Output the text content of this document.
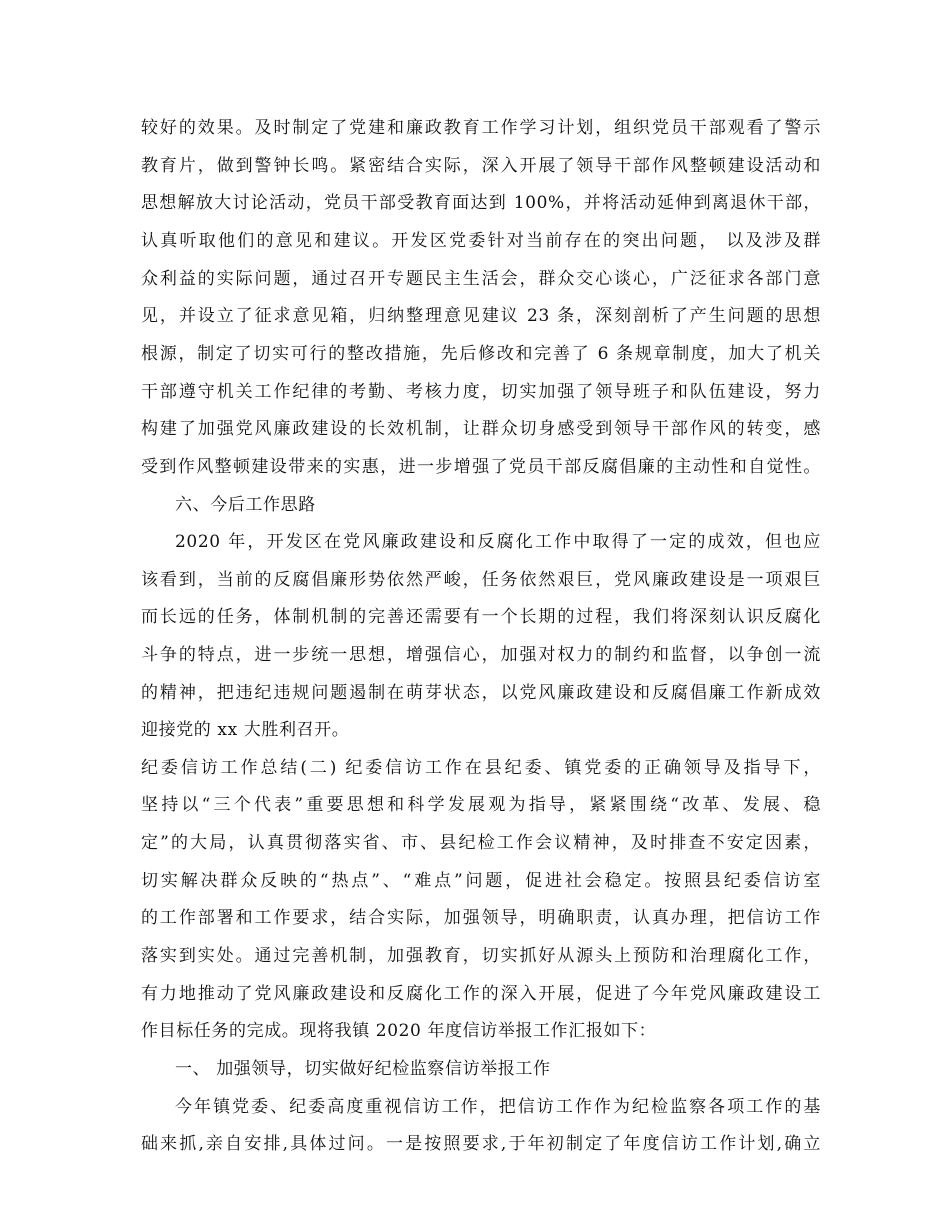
较好的效果。及时制定了党建和廉政教育工作学习计划，组织党员干部观看了警示
教育片，做到警钟长鸣。紧密结合实际，深入开展了领导干部作风整顿建设活动和
思想解放大讨论活动，党员干部受教育面达到 100%，并将活动延伸到离退休干部，
认真听取他们的意见和建议。开发区党委针对当前存在的突出问题， 以及涉及群
众利益的实际问题，通过召开专题民主生活会，群众交心谈心，广泛征求各部门意
见，并设立了征求意见箱，归纳整理意见建议 23 条，深刻剖析了产生问题的思想
根源，制定了切实可行的整改措施，先后修改和完善了 6 条规章制度，加大了机关
干部遵守机关工作纪律的考勤、考核力度，切实加强了领导班子和队伍建设，努力
构建了加强党风廉政建设的长效机制，让群众切身感受到领导干部作风的转变，感
受到作风整顿建设带来的实惠，进一步增强了党员干部反腐倡廉的主动性和自觉性。
六、今后工作思路
2020 年，开发区在党风廉政建设和反腐化工作中取得了一定的成效，但也应
该看到，当前的反腐倡廉形势依然严峻，任务依然艰巨，党风廉政建设是一项艰巨
而长远的任务，体制机制的完善还需要有一个长期的过程，我们将深刻认识反腐化
斗争的特点，进一步统一思想，增强信心，加强对权力的制约和监督，以争创一流
的精神，把违纪违规问题遏制在萌芽状态，以党风廉政建设和反腐倡廉工作新成效
迎接党的 xx 大胜利召开。
纪委信访工作总结(二) 纪委信访工作在县纪委、镇党委的正确领导及指导下，
坚持以“三个代表”重要思想和科学发展观为指导，紧紧围绕“改革、发展、稳
定”的大局，认真贯彻落实省、市、县纪检工作会议精神，及时排查不安定因素，
切实解决群众反映的“热点”、“难点”问题，促进社会稳定。按照县纪委信访室
的工作部署和工作要求，结合实际，加强领导，明确职责，认真办理，把信访工作
落实到实处。通过完善机制，加强教育，切实抓好从源头上预防和治理腐化工作，
有力地推动了党风廉政建设和反腐化工作的深入开展，促进了今年党风廉政建设工
作目标任务的完成。现将我镇 2020 年度信访举报工作汇报如下：
一、 加强领导，切实做好纪检监察信访举报工作
今年镇党委、纪委高度重视信访工作，把信访工作作为纪检监察各项工作的基
础来抓,亲自安排,具体过问。一是按照要求,于年初制定了年度信访工作计划,确立
